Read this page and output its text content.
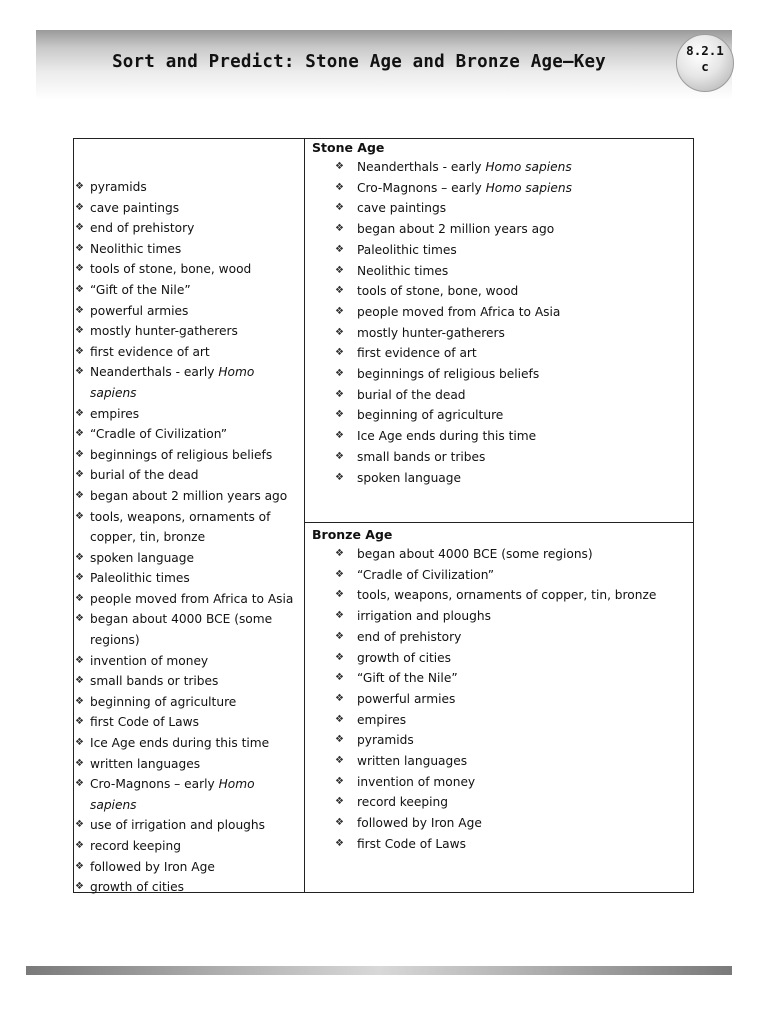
Sort and Predict: Stone Age and Bronze Age–Key
8.2.1
c
❖ pyramids
❖ cave paintings
❖ end of prehistory
❖ Neolithic times
❖ tools of stone, bone, wood
❖ “Gift of the Nile”
❖ powerful armies
❖ mostly hunter-gatherers
❖ first evidence of art
❖ Neanderthals - early Homo sapiens
❖ empires
❖ “Cradle of Civilization”
❖ beginnings of religious beliefs
❖ burial of the dead
❖ began about 2 million years ago
❖ tools, weapons, ornaments of copper, tin, bronze
❖ spoken language
❖ Paleolithic times
❖ people moved from Africa to Asia
❖ began about 4000 BCE (some regions)
❖ invention of money
❖ small bands or tribes
❖ beginning of agriculture
❖ first Code of Laws
❖ Ice Age ends during this time
❖ written languages
❖ Cro-Magnons – early Homo sapiens
❖ use of irrigation and ploughs
❖ record keeping
❖ followed by Iron Age
❖ growth of cities
Stone Age
❖ Neanderthals - early Homo sapiens
❖ Cro-Magnons – early Homo sapiens
❖ cave paintings
❖ began about 2 million years ago
❖ Paleolithic times
❖ Neolithic times
❖ tools of stone, bone, wood
❖ people moved from Africa to Asia
❖ mostly hunter-gatherers
❖ first evidence of art
❖ beginnings of religious beliefs
❖ burial of the dead
❖ beginning of agriculture
❖ Ice Age ends during this time
❖ small bands or tribes
❖ spoken language
Bronze Age
❖ began about 4000 BCE (some regions)
❖ “Cradle of Civilization”
❖ tools, weapons, ornaments of copper, tin, bronze
❖ irrigation and ploughs
❖ end of prehistory
❖ growth of cities
❖ “Gift of the Nile”
❖ powerful armies
❖ empires
❖ pyramids
❖ written languages
❖ invention of money
❖ record keeping
❖ followed by Iron Age
❖ first Code of Laws
